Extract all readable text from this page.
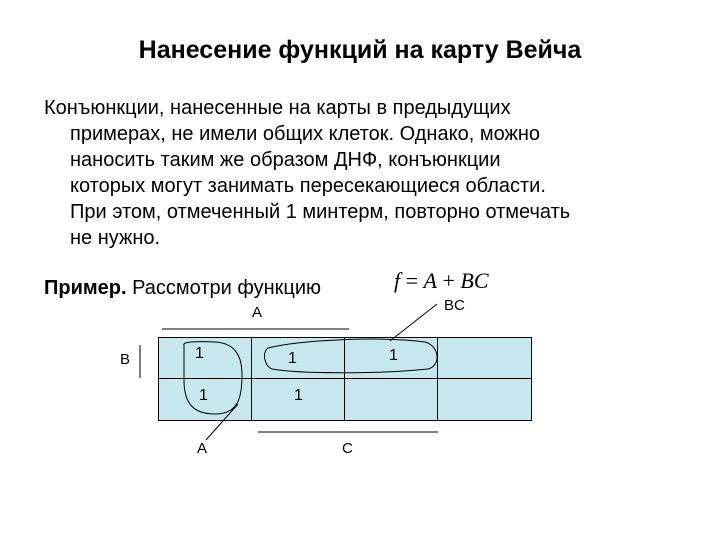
Нанесение функций на карту Вейча
Конъюнкции, нанесенные на карты в предыдущих
примерах, не имели общих клеток. Однако, можно
наносить таким же образом ДНФ, конъюнкции
которых могут занимать пересекающиеся области.
При этом, отмеченный 1 минтерм, повторно отмечать
не нужно.
Пример. Рассмотри функцию	f = A + BC
A	BC
B
A	C
1	1	1
1	1
